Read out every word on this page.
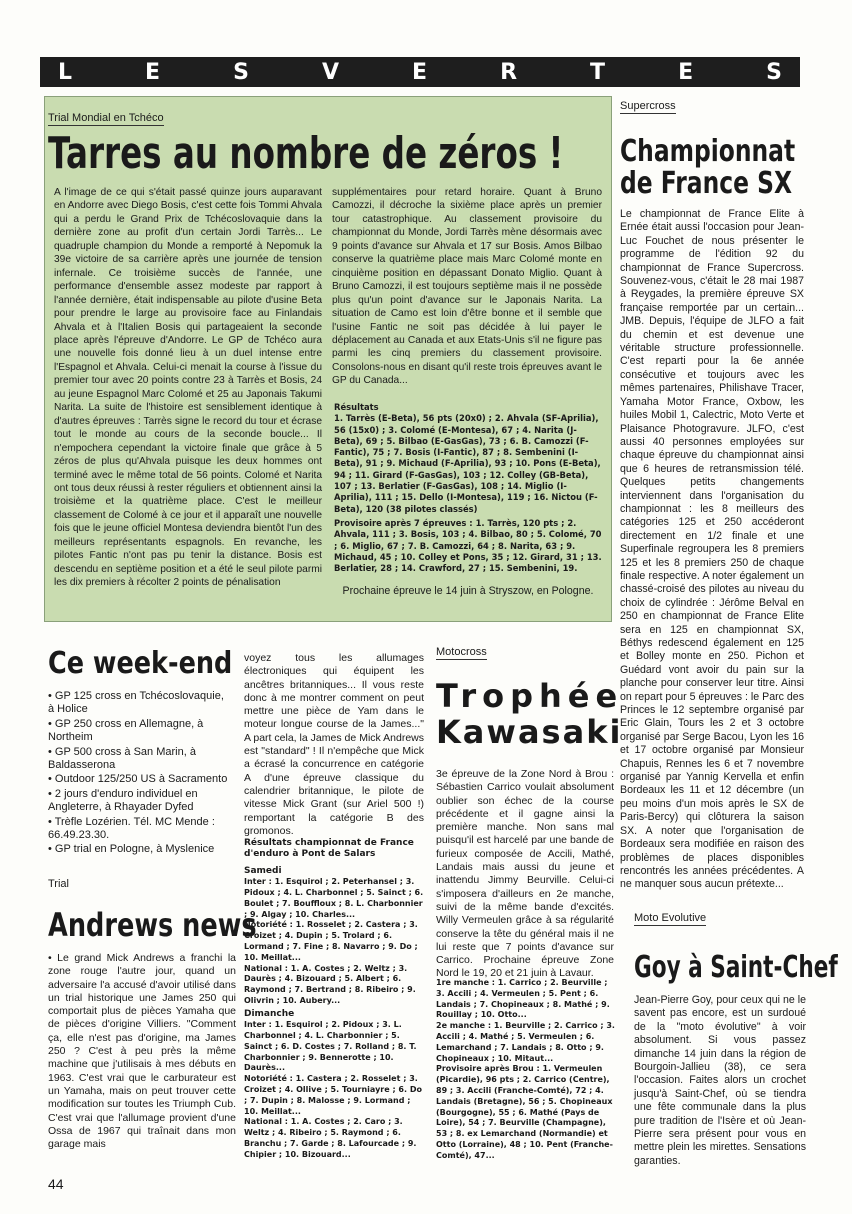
L	E	S	V	E	R	T	E	S
Trial Mondial en Tchéco
Tarres au nombre de zéros !
A l'image de ce qui s'était passé quinze jours auparavant en Andorre avec Diego Bosis, c'est cette fois Tommi Ahvala qui a perdu le Grand Prix de Tchécoslovaquie dans la dernière zone au profit d'un certain Jordi Tarrès... Le quadruple champion du Monde a remporté à Nepomuk la 39e victoire de sa carrière après une journée de tension infernale. Ce troisième succès de l'année, une performance d'ensemble assez modeste par rapport à l'année dernière, était indispensable au pilote d'usine Beta pour prendre le large au provisoire face au Finlandais Ahvala et à l'Italien Bosis qui partageaient la seconde place après l'épreuve d'Andorre. Le GP de Tchéco aura une nouvelle fois donné lieu à un duel intense entre l'Espagnol et Ahvala. Celui-ci menait la course à l'issue du premier tour avec 20 points contre 23 à Tarrès et Bosis, 24 au jeune Espagnol Marc Colomé et 25 au Japonais Takumi Narita. La suite de l'histoire est sensiblement identique à d'autres épreuves : Tarrès signe le record du tour et écrase tout le monde au cours de la seconde boucle... Il n'empochera cependant la victoire finale que grâce à 5 zéros de plus qu'Ahvala puisque les deux hommes ont terminé avec le même total de 56 points. Colomé et Narita ont tous deux réussi à rester réguliers et obtiennent ainsi la troisième et la quatrième place. C'est le meilleur classement de Colomé à ce jour et il apparaît une nouvelle fois que le jeune officiel Montesa deviendra bientôt l'un des meilleurs représentants espagnols. En revanche, les pilotes Fantic n'ont pas pu tenir la distance. Bosis est descendu en septième position et a été le seul pilote parmi les dix premiers à récolter 2 points de pénalisation
supplémentaires pour retard horaire. Quant à Bruno Camozzi, il décroche la sixième place après un premier tour catastrophique. Au classement provisoire du championnat du Monde, Jordi Tarrès mène désormais avec 9 points d'avance sur Ahvala et 17 sur Bosis. Amos Bilbao conserve la quatrième place mais Marc Colomé monte en cinquième position en dépassant Donato Miglio. Quant à Bruno Camozzi, il est toujours septième mais il ne possède plus qu'un point d'avance sur le Japonais Narita. La situation de Camo est loin d'être bonne et il semble que l'usine Fantic ne soit pas décidée à lui payer le déplacement au Canada et aux Etats-Unis s'il ne figure pas parmi les cinq premiers du classement provisoire. Consolons-nous en disant qu'il reste trois épreuves avant le GP du Canada...
Résultats
1. Tarrès (E-Beta), 56 pts (20x0) ; 2. Ahvala (SF-Aprilia), 56 (15x0) ; 3. Colomé (E-Montesa), 67 ; 4. Narita (J-Beta), 69 ; 5. Bilbao (E-GasGas), 73 ; 6. B. Camozzi (F-Fantic), 75 ; 7. Bosis (I-Fantic), 87 ; 8. Sembenini (I-Beta), 91 ; 9. Michaud (F-Aprilia), 93 ; 10. Pons (E-Beta), 94 ; 11. Girard (F-GasGas), 103 ; 12. Colley (GB-Beta), 107 ; 13. Berlatier (F-GasGas), 108 ; 14. Miglio (I-Aprilia), 111 ; 15. Dello (I-Montesa), 119 ; 16. Nictou (F-Beta), 120 (38 pilotes classés)
Provisoire après 7 épreuves : 1. Tarrès, 120 pts ; 2. Ahvala, 111 ; 3. Bosis, 103 ; 4. Bilbao, 80 ; 5. Colomé, 70 ; 6. Miglio, 67 ; 7. B. Camozzi, 64 ; 8. Narita, 63 ; 9. Michaud, 45 ; 10. Colley et Pons, 35 ; 12. Girard, 31 ; 13. Berlatier, 28 ; 14. Crawford, 27 ; 15. Sembenini, 19.
Prochaine épreuve le 14 juin à Stryszow, en Pologne.
Supercross
Championnat
de France SX
Le championnat de France Elite à Ernée était aussi l'occasion pour Jean-Luc Fouchet de nous présenter le programme de l'édition 92 du championnat de France Supercross. Souvenez-vous, c'était le 28 mai 1987 à Reygades, la première épreuve SX française remportée par un certain... JMB. Depuis, l'équipe de JLFO a fait du chemin et est devenue une véritable structure professionnelle. C'est reparti pour la 6e année consécutive et toujours avec les mêmes partenaires, Philishave Tracer, Yamaha Motor France, Oxbow, les huiles Mobil 1, Calectric, Moto Verte et Plaisance Photogravure. JLFO, c'est aussi 40 personnes employées sur chaque épreuve du championnat ainsi que 6 heures de retransmission télé. Quelques petits changements interviennent dans l'organisation du championnat : les 8 meilleurs des catégories 125 et 250 accéderont directement en 1/2 finale et une Superfinale regroupera les 8 premiers 125 et les 8 premiers 250 de chaque finale respective. A noter également un chassé-croisé des pilotes au niveau du choix de cylindrée : Jérôme Belval en 250 en championnat de France Elite sera en 125 en championnat SX, Béthys redescend également en 125 et Bolley monte en 250. Pichon et Guédard vont avoir du pain sur la planche pour conserver leur titre. Ainsi on repart pour 5 épreuves : le Parc des Princes le 12 septembre organisé par Eric Glain, Tours les 2 et 3 octobre organisé par Serge Bacou, Lyon les 16 et 17 octobre organisé par Monsieur Chapuis, Rennes les 6 et 7 novembre organisé par Yannig Kervella et enfin Bordeaux les 11 et 12 décembre (un peu moins d'un mois après le SX de Paris-Bercy) qui clôturera la saison SX. A noter que l'organisation de Bordeaux sera modifiée en raison des problèmes de places disponibles rencontrés les années précédentes. A ne manquer sous aucun prétexte...
Ce week-end

• GP 125 cross en Tchécoslovaquie, à Holice

• GP 250 cross en Allemagne, à Northeim

• GP 500 cross à San Marin, à Baldasserona

• Outdoor 125/250 US à Sacramento

• 2 jours d'enduro individuel en Angleterre, à Rhayader Dyfed

• Trèfle Lozérien. Tél. MC Mende : 66.49.23.30.

• GP trial en Pologne, à Myslenice

Trial
Andrews news
• Le grand Mick Andrews a franchi la zone rouge l'autre jour, quand un adversaire l'a accusé d'avoir utilisé dans un trial historique une James 250 qui comportait plus de pièces Yamaha que de pièces d'origine Villiers. "Comment ça, elle n'est pas d'origine, ma James 250 ? C'est à peu près la même machine que j'utilisais à mes débuts en 1963. C'est vrai que le carburateur est un Yamaha, mais on peut trouver cette modification sur toutes les Triumph Cub. C'est vrai que l'allumage provient d'une Ossa de 1967 qui traînait dans mon garage mais
voyez tous les allumages électroniques qui équipent les ancêtres britanniques... Il vous reste donc à me montrer comment on peut mettre une pièce de Yam dans le moteur longue course de la James..." A part cela, la James de Mick Andrews est "standard" ! Il n'empêche que Mick a écrasé la concurrence en catégorie A d'une épreuve classique du calendrier britannique, le pilote de vitesse Mick Grant (sur Ariel 500 !) remportant la catégorie B des gromonos.
Résultats championnat de France d'enduro à Pont de Salars
Samedi
Inter : 1. Esquirol ; 2. Peterhansel ; 3. Pidoux ; 4. L. Charbonnel ; 5. Sainct ; 6. Boulet ; 7. Bouffloux ; 8. L. Charbonnier ; 9. Algay ; 10. Charles...
Notoriété : 1. Rosselet ; 2. Castera ; 3. Croizet ; 4. Dupin ; 5. Trolard ; 6. Lormand ; 7. Fine ; 8. Navarro ; 9. Do ; 10. Meillat...
National : 1. A. Costes ; 2. Weltz ; 3. Daurès ; 4. Bizouard ; 5. Albert ; 6. Raymond ; 7. Bertrand ; 8. Ribeiro ; 9. Olivrin ; 10. Aubery...
Dimanche
Inter : 1. Esquirol ; 2. Pidoux ; 3. L. Charbonnel ; 4. L. Charbonnier ; 5. Sainct ; 6. D. Costes ; 7. Rolland ; 8. T. Charbonnier ; 9. Bennerotte ; 10. Daurès...
Notoriété : 1. Castera ; 2. Rosselet ; 3. Croizet ; 4. Ollive ; 5. Tourniayre ; 6. Do ; 7. Dupin ; 8. Malosse ; 9. Lormand ; 10. Meillat...
National : 1. A. Costes ; 2. Caro ; 3. Weltz ; 4. Ribeiro ; 5. Raymond ; 6. Branchu ; 7. Garde ; 8. Lafourcade ; 9. Chipier ; 10. Bizouard...
Motocross
Trophée
Kawasaki
3e épreuve de la Zone Nord à Brou : Sébastien Carrico voulait absolument oublier son échec de la course précédente et il gagne ainsi la première manche. Non sans mal puisqu'il est harcelé par une bande de furieux composée de Accili, Mathé, Landais mais aussi du jeune et inattendu Jimmy Beurville. Celui-ci s'imposera d'ailleurs en 2e manche, suivi de la même bande d'excités. Willy Vermeulen grâce à sa régularité conserve la tête du général mais il ne lui reste que 7 points d'avance sur Carrico. Prochaine épreuve Zone Nord le 19, 20 et 21 juin à Lavaur.
1re manche : 1. Carrico ; 2. Beurville ; 3. Accili ; 4. Vermeulen ; 5. Pent ; 6. Landais ; 7. Chopineaux ; 8. Mathé ; 9. Rouillay ; 10. Otto...
2e manche : 1. Beurville ; 2. Carrico ; 3. Accili ; 4. Mathé ; 5. Vermeulen ; 6. Lemarchand ; 7. Landais ; 8. Otto ; 9. Chopineaux ; 10. Mitaut...
Provisoire après Brou : 1. Vermeulen (Picardie), 96 pts ; 2. Carrico (Centre), 89 ; 3. Accili (Franche-Comté), 72 ; 4. Landais (Bretagne), 56 ; 5. Chopineaux (Bourgogne), 55 ; 6. Mathé (Pays de Loire), 54 ; 7. Beurville (Champagne), 53 ; 8. ex Lemarchand (Normandie) et Otto (Lorraine), 48 ; 10. Pent (Franche-Comté), 47...
Moto Evolutive
Goy à Saint-Chef
Jean-Pierre Goy, pour ceux qui ne le savent pas encore, est un surdoué de la "moto évolutive" à voir absolument. Si vous passez dimanche 14 juin dans la région de Bourgoin-Jallieu (38), ce sera l'occasion. Faites alors un crochet jusqu'à Saint-Chef, où se tiendra une fête communale dans la plus pure tradition de l'Isère et où Jean-Pierre sera présent pour vous en mettre plein les mirettes. Sensations garanties.
44
